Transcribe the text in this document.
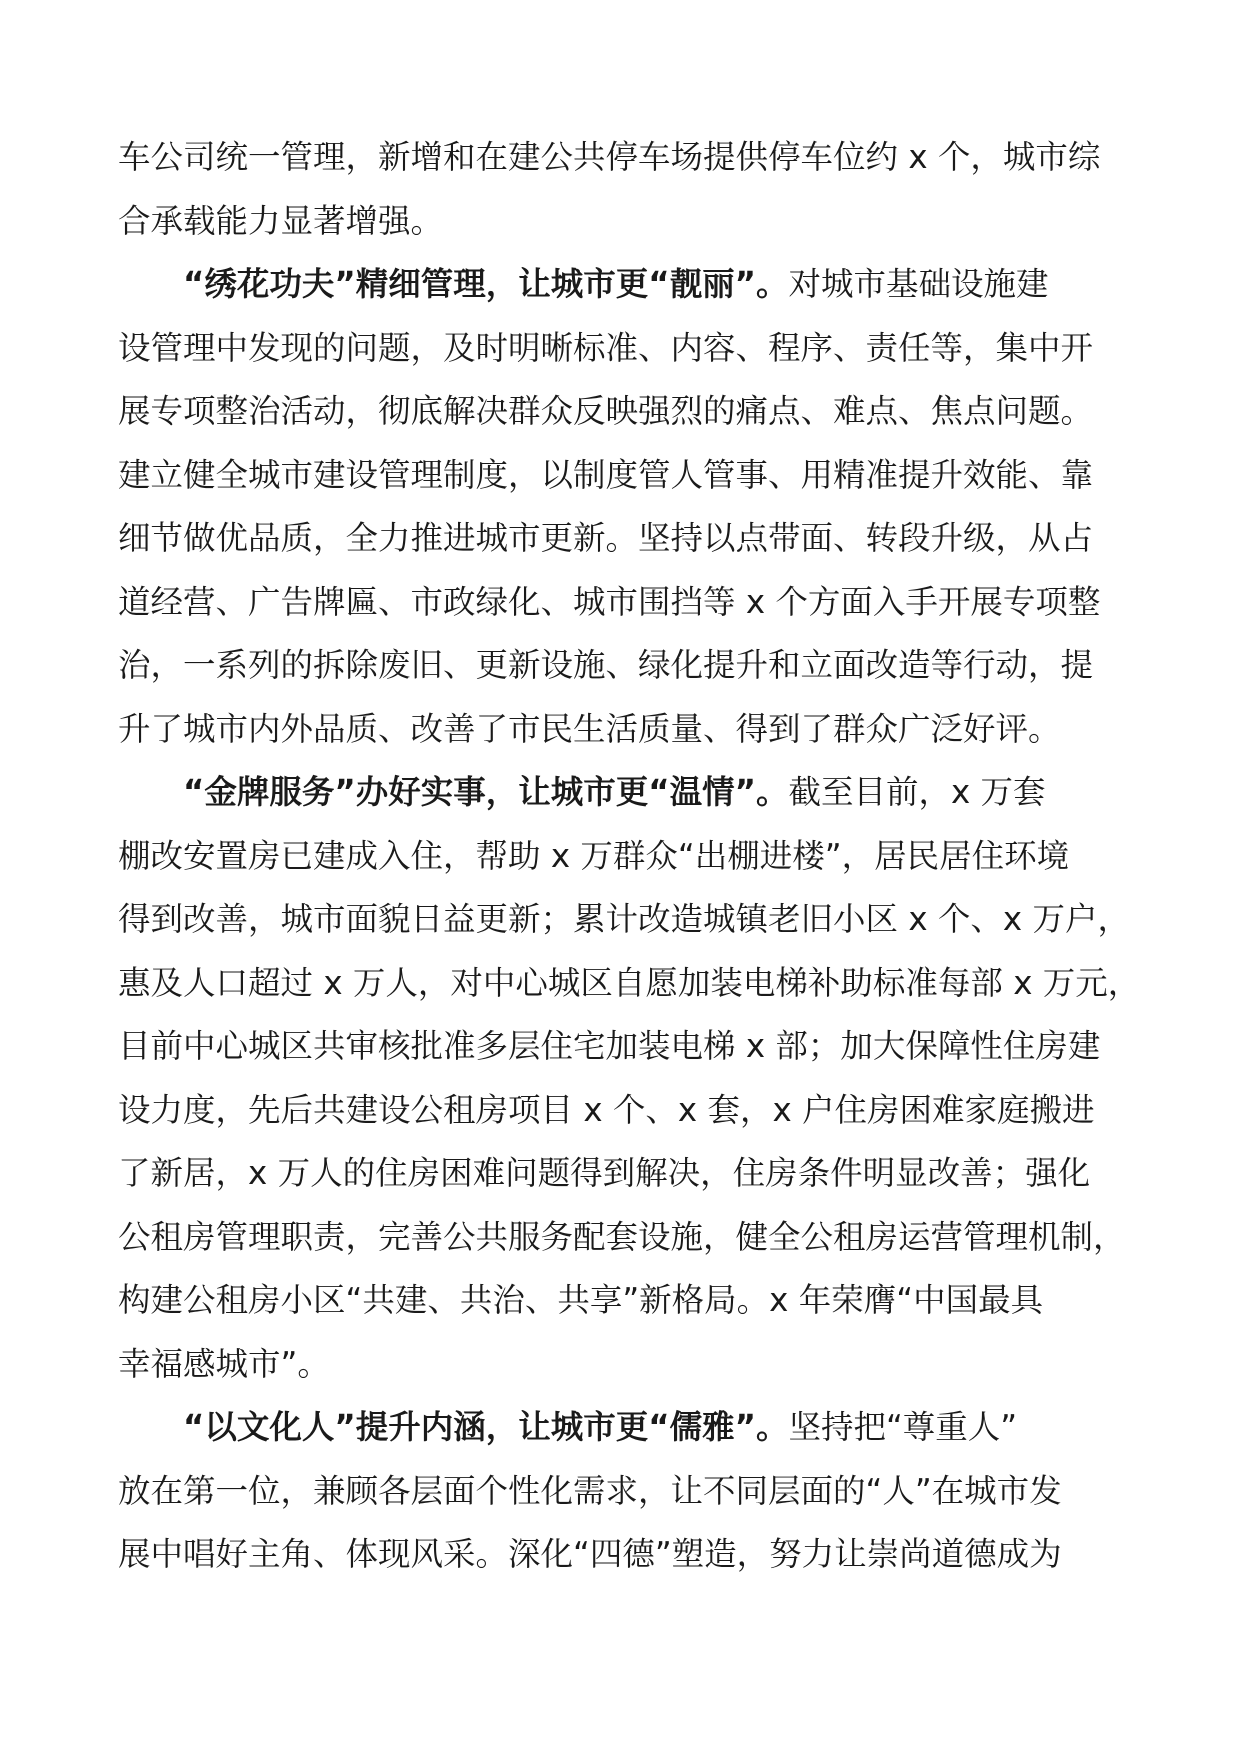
车公司统一管理，新增和在建公共停车场提供停车位约 x 个，城市综
合承载能力显著增强。
“绣花功夫”精细管理，让城市更“靓丽”。对城市基础设施建
设管理中发现的问题，及时明晰标准、内容、程序、责任等，集中开
展专项整治活动，彻底解决群众反映强烈的痛点、难点、焦点问题。
建立健全城市建设管理制度，以制度管人管事、用精准提升效能、靠
细节做优品质，全力推进城市更新。坚持以点带面、转段升级，从占
道经营、广告牌匾、市政绿化、城市围挡等 x 个方面入手开展专项整
治，一系列的拆除废旧、更新设施、绿化提升和立面改造等行动，提
升了城市内外品质、改善了市民生活质量、得到了群众广泛好评。
“金牌服务”办好实事，让城市更“温情”。截至目前，x 万套
棚改安置房已建成入住，帮助 x 万群众“出棚进楼”，居民居住环境
得到改善，城市面貌日益更新；累计改造城镇老旧小区 x 个、x 万户，
惠及人口超过 x 万人，对中心城区自愿加装电梯补助标准每部 x 万元，
目前中心城区共审核批准多层住宅加装电梯 x 部；加大保障性住房建
设力度，先后共建设公租房项目 x 个、x 套，x 户住房困难家庭搬进
了新居，x 万人的住房困难问题得到解决，住房条件明显改善；强化
公租房管理职责，完善公共服务配套设施，健全公租房运营管理机制，
构建公租房小区“共建、共治、共享”新格局。x 年荣膺“中国最具
幸福感城市”。
“以文化人”提升内涵，让城市更“儒雅”。坚持把“尊重人”
放在第一位，兼顾各层面个性化需求，让不同层面的“人”在城市发
展中唱好主角、体现风采。深化“四德”塑造，努力让崇尚道德成为
